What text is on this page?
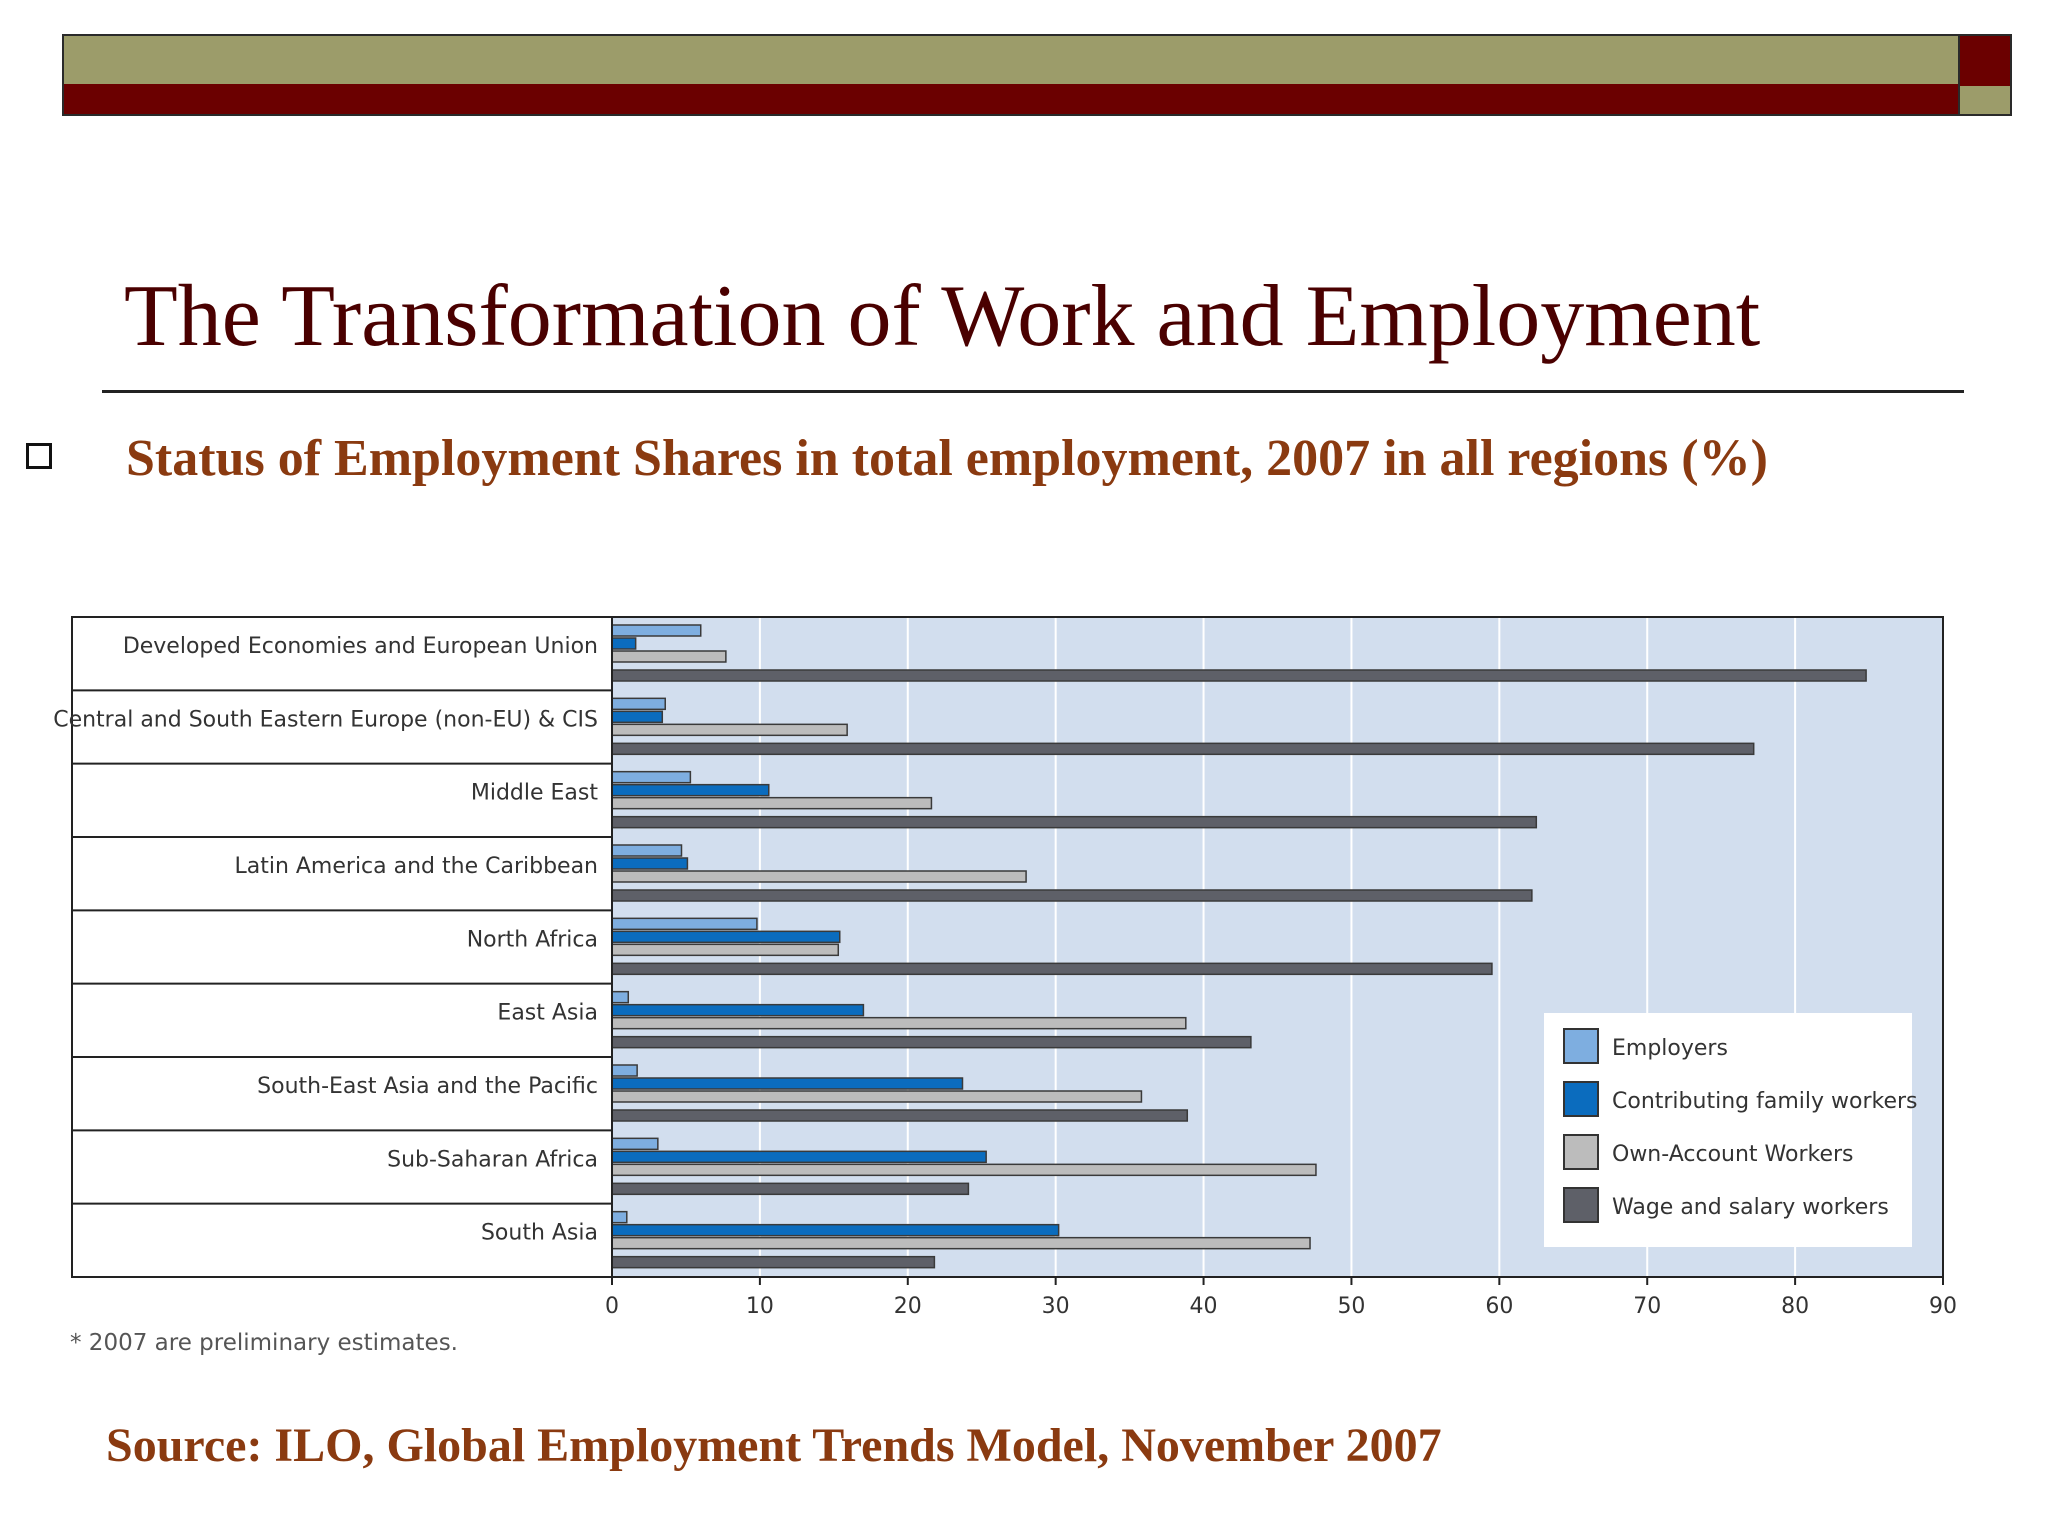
The Transformation of Work and Employment

Status of Employment Shares in total employment, 2007 in all regions (%)

Developed Economies and European Union
Central and South Eastern Europe (non-EU) & CIS
Middle East
Latin America and the Caribbean
North Africa
East Asia
South-East Asia and the Pacific
Sub-Saharan Africa
South Asia
0	10	20	30	40	50	60	70	80	90
Employers
Contributing family workers
Own-Account Workers
Wage and salary workers

* 2007 are preliminary estimates.

Source: ILO, Global Employment Trends Model, November 2007
